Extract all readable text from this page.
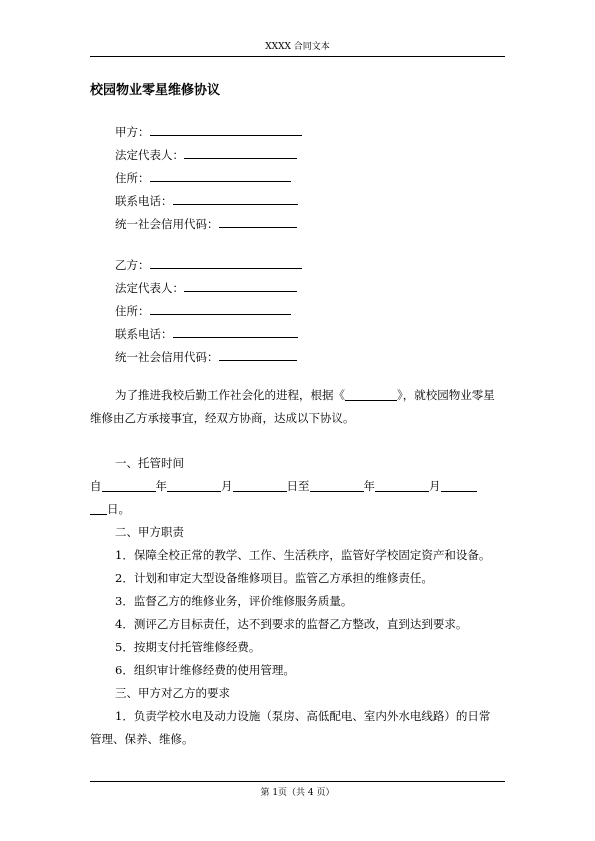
XXXX 合同文本
校园物业零星维修协议
甲方：
法定代表人：
住所：
联系电话：
统一社会信用代码：
乙方：
法定代表人：
住所：
联系电话：
统一社会信用代码：
为了推进我校后勤工作社会化的进程，根据《	》，就校园物业零星
维修由乙方承接事宜，经双方协商，达成以下协议。
一、托管时间
自	年	月	日至	年	月
日。
二、甲方职责
1．保障全校正常的教学、工作、生活秩序，监管好学校固定资产和设备。
2．计划和审定大型设备维修项目。监管乙方承担的维修责任。
3．监督乙方的维修业务，评价维修服务质量。
4．测评乙方目标责任，达不到要求的监督乙方整改，直到达到要求。
5．按期支付托管维修经费。
6．组织审计维修经费的使用管理。
三、甲方对乙方的要求
1．负责学校水电及动力设施（泵房、高低配电、室内外水电线路）的日常
管理、保养、维修。
第 1页（共 4 页）
